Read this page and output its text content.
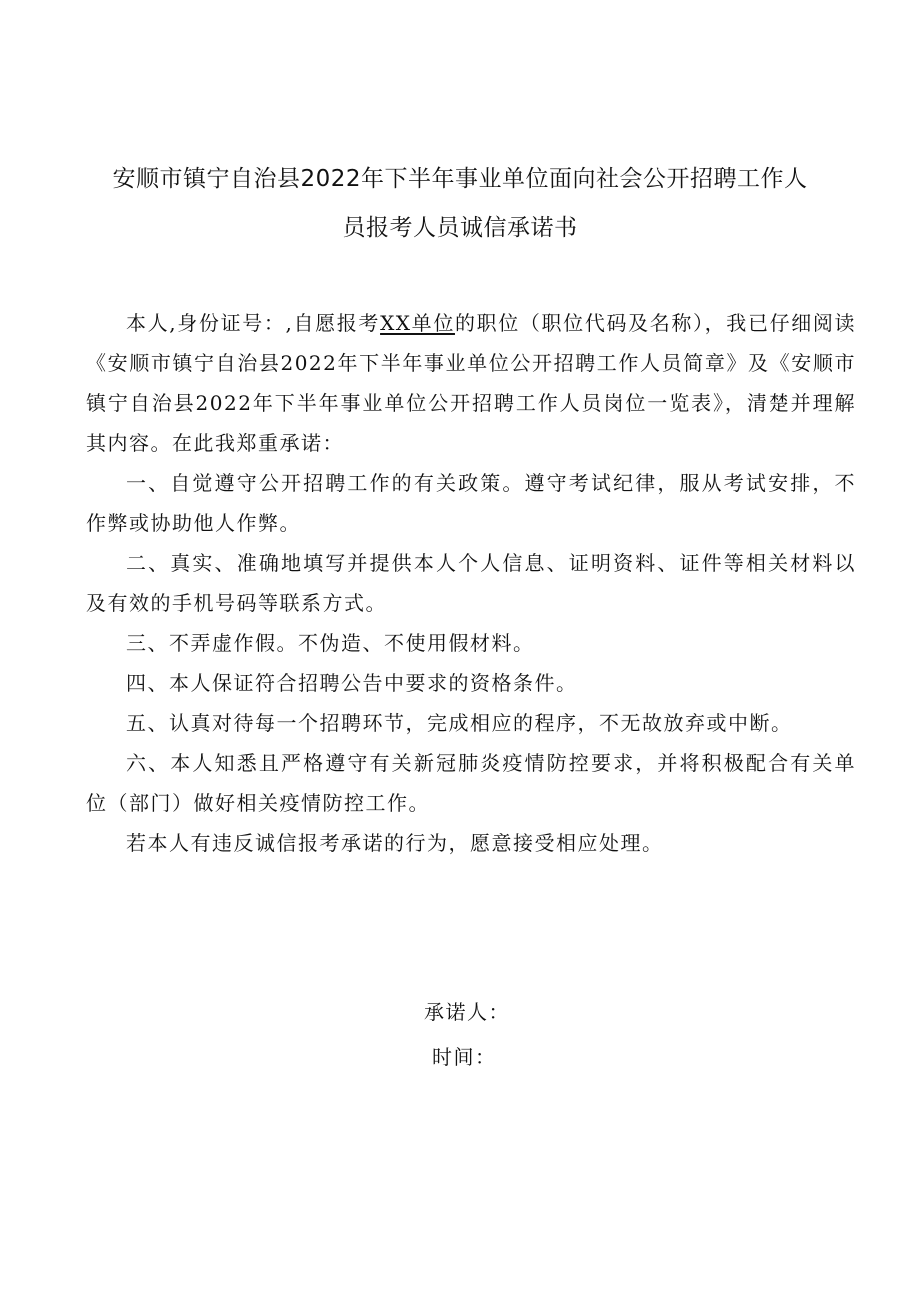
安顺市镇宁自治县2022年下半年事业单位面向社会公开招聘工作人
员报考人员诚信承诺书

本人,身份证号：,自愿报考XX单位的职位（职位代码及名称），我已仔细阅读《安顺市镇宁自治县2022年下半年事业单位公开招聘工作人员简章》及《安顺市镇宁自治县2022年下半年事业单位公开招聘工作人员岗位一览表》，清楚并理解其内容。在此我郑重承诺：

一、自觉遵守公开招聘工作的有关政策。遵守考试纪律，服从考试安排，不作弊或协助他人作弊。

二、真实、准确地填写并提供本人个人信息、证明资料、证件等相关材料以及有效的手机号码等联系方式。

三、不弄虚作假。不伪造、不使用假材料。

四、本人保证符合招聘公告中要求的资格条件。

五、认真对待每一个招聘环节，完成相应的程序，不无故放弃或中断。

六、本人知悉且严格遵守有关新冠肺炎疫情防控要求，并将积极配合有关单位（部门）做好相关疫情防控工作。

若本人有违反诚信报考承诺的行为，愿意接受相应处理。

承诺人：
时间：
